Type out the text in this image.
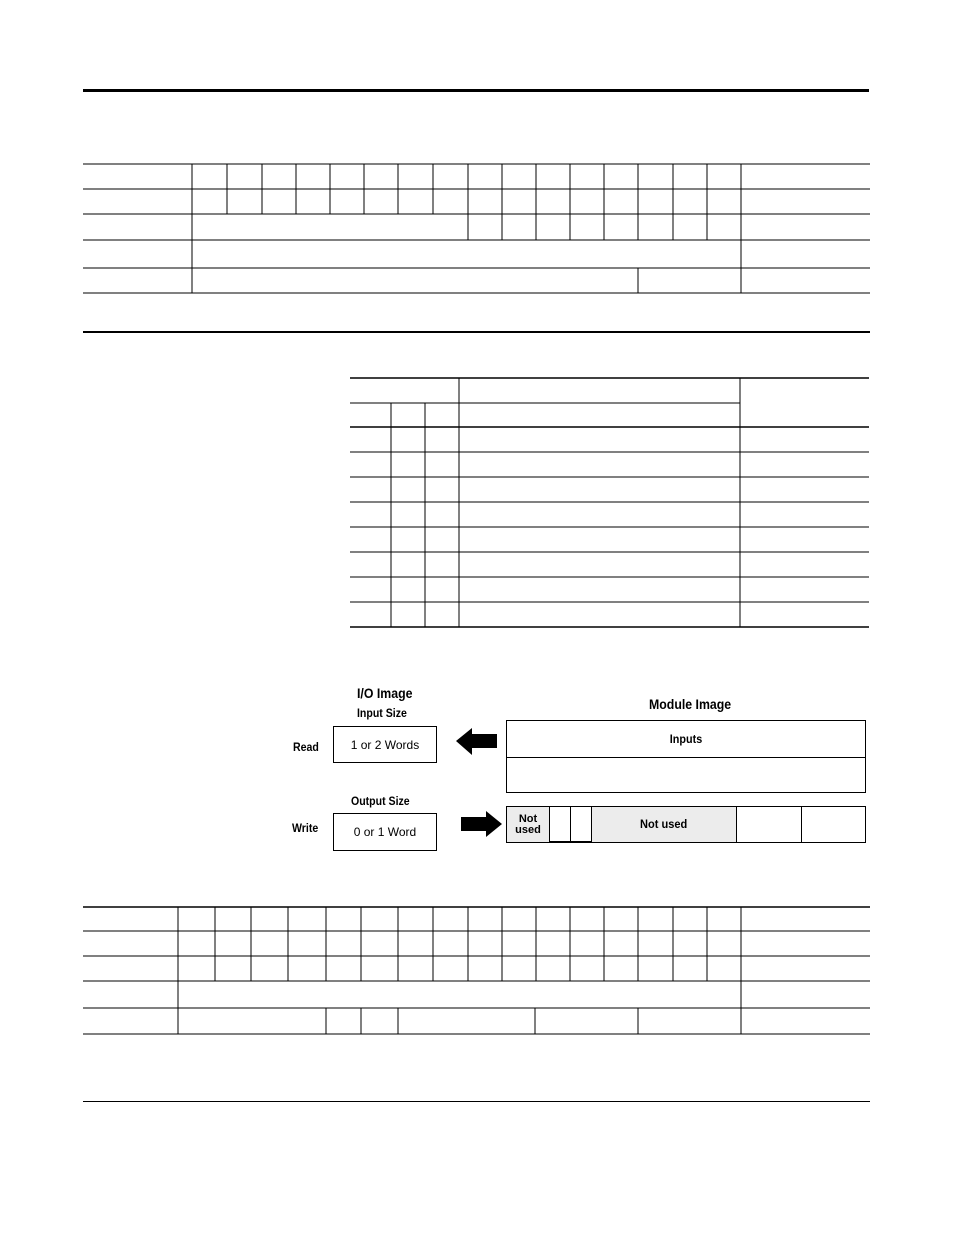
I/O Image
Input Size
Read	1 or 2 Words
Output Size
Write	0 or 1 Word
Module Image
Inputs
Not
used	Not used
